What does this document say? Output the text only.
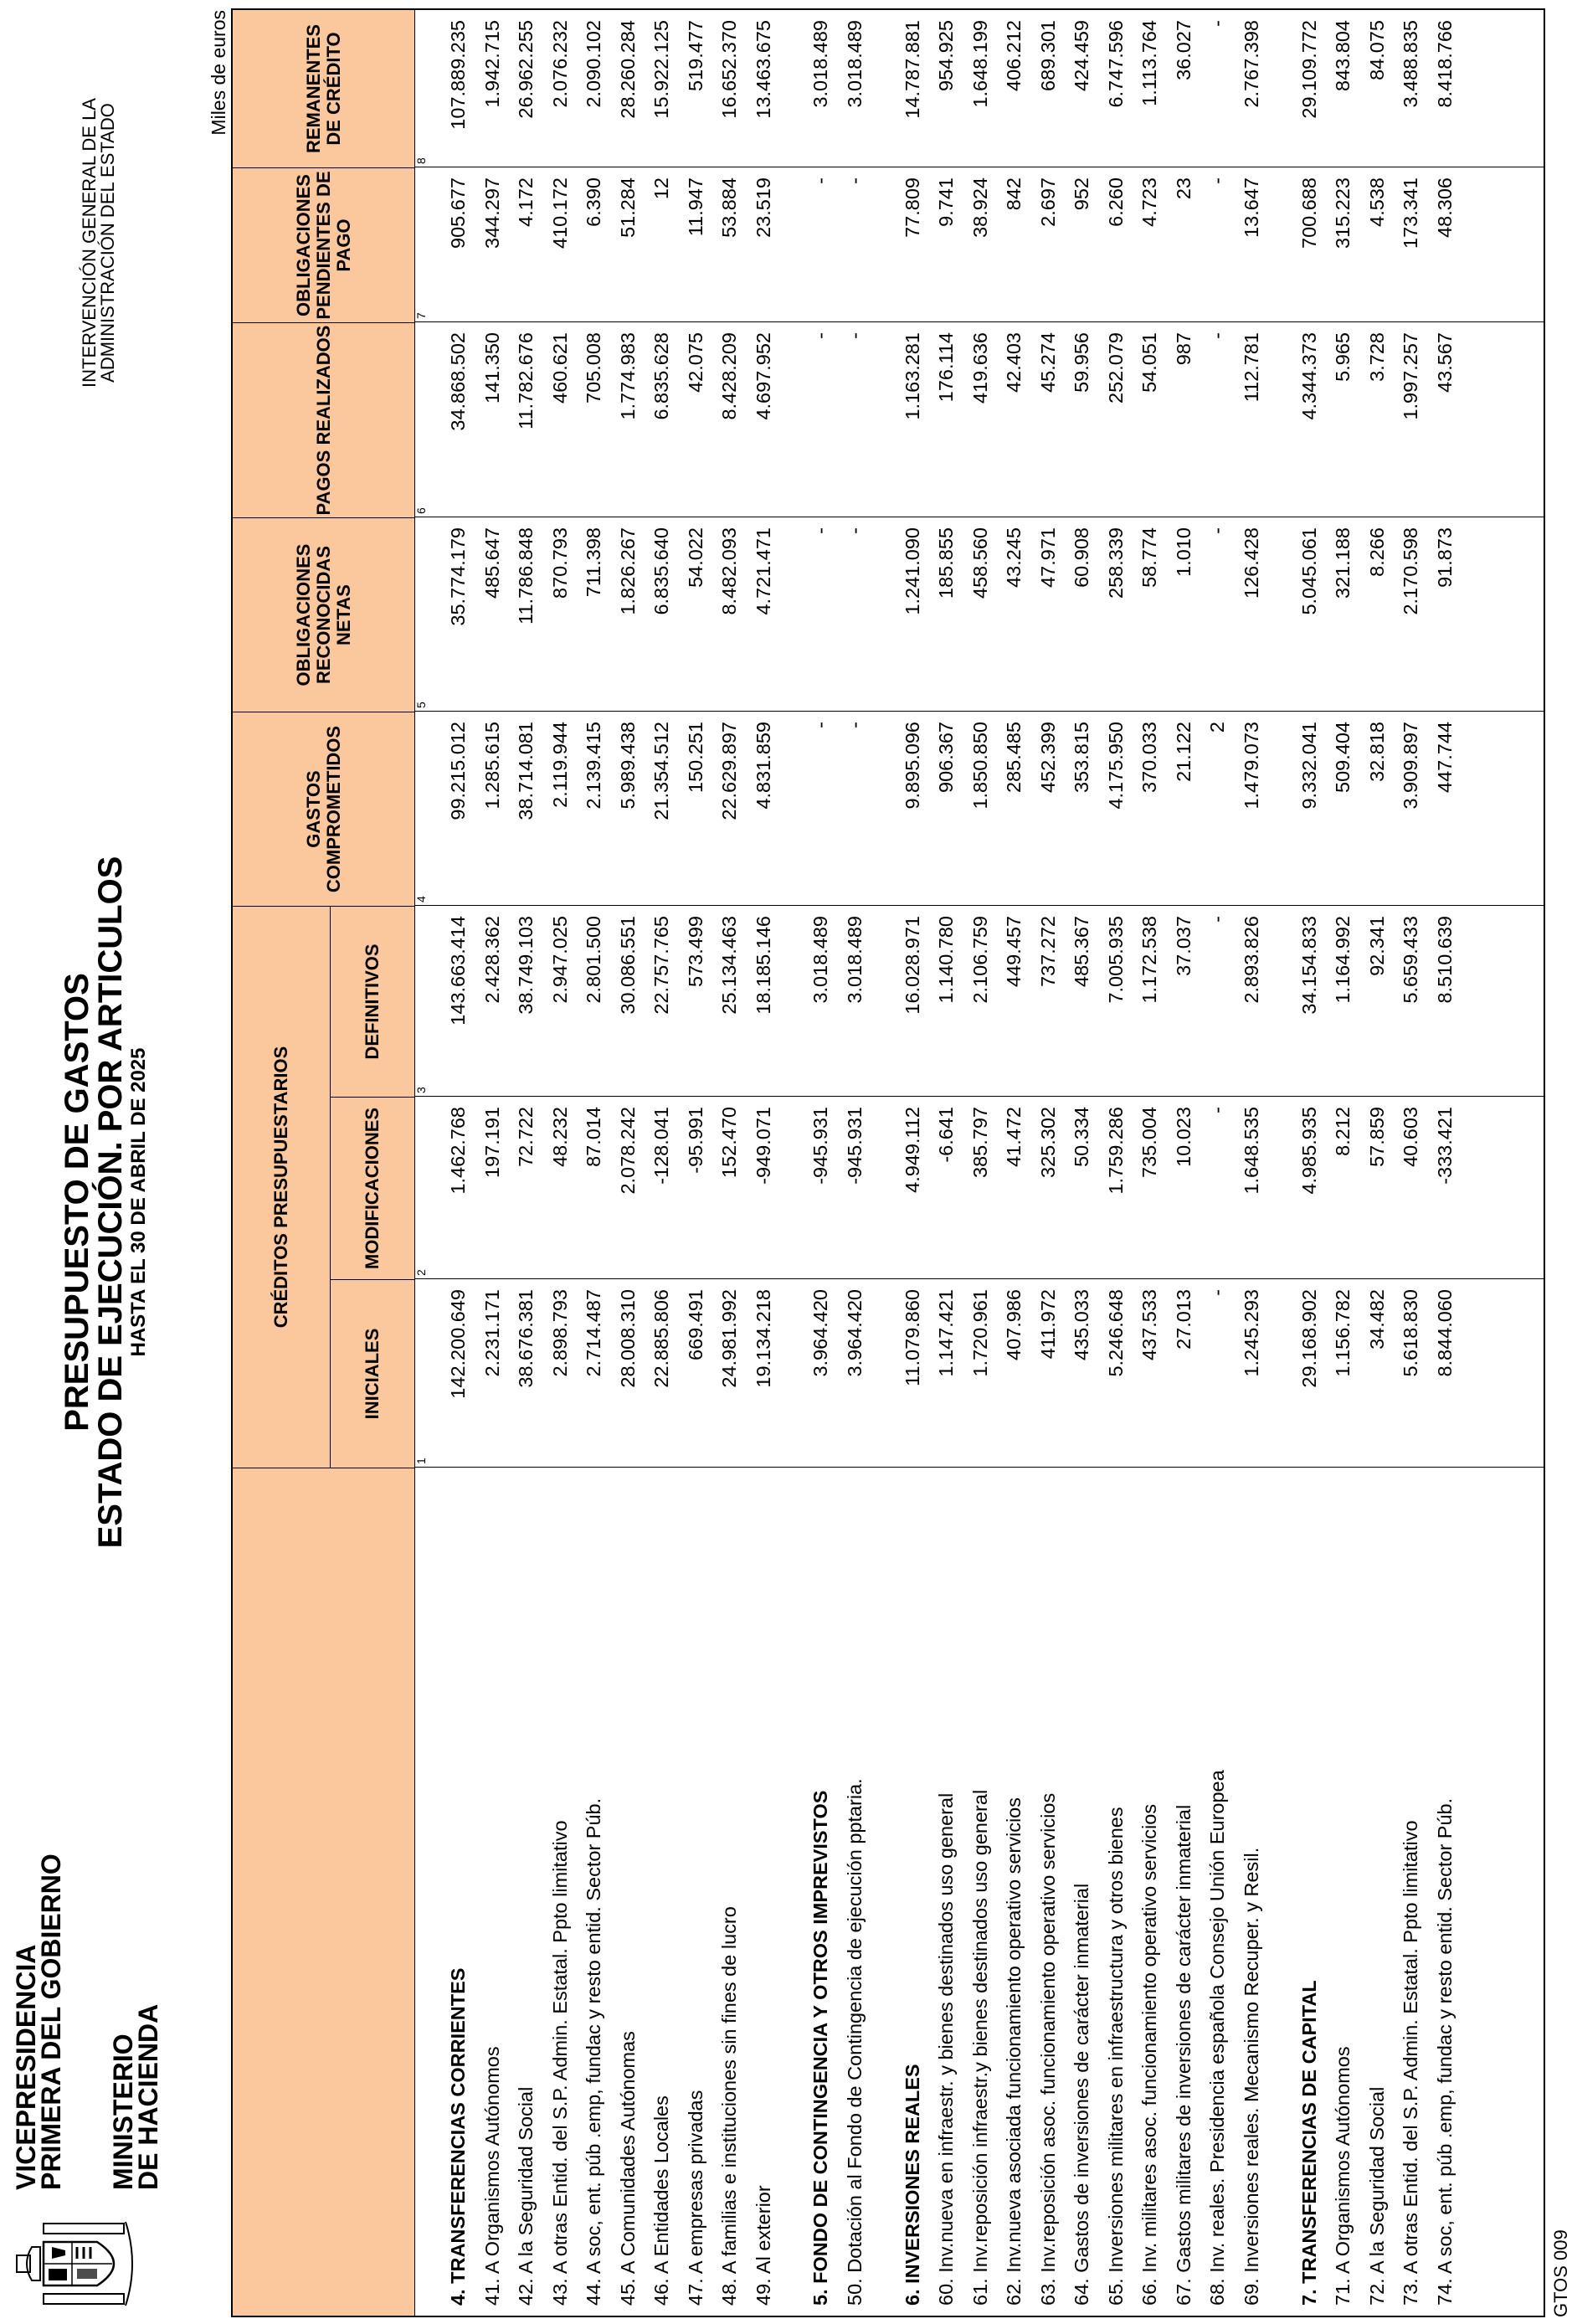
VICEPRESIDENCIA
PRIMERA DEL GOBIERNO MINISTERIO
DE HACIENDA
PRESUPUESTO DE GASTOS
ESTADO DE EJECUCIÓN. POR ARTICULOS
HASTA EL 30 DE ABRIL DE 2025
INTERVENCIÓN GENERAL DE LA
ADMINISTRACIÓN DEL ESTADO
Miles de euros
CRÉDITOS PRESUPUESTARIOS
INICIALES
MODIFICACIONES
DEFINITIVOS
GASTOS COMPROMETIDOS
OBLIGACIONES RECONOCIDAS NETAS
PAGOS REALIZADOS
OBLIGACIONES PENDIENTES DE PAGO
REMANENTES DE CRÉDITO
1
2
3
4
5
6
7
8
4. TRANSFERENCIAS CORRIENTES
142.200.649
1.462.768
143.663.414
99.215.012
35.774.179
34.868.502
905.677
107.889.235
41. A Organismos Autónomos
2.231.171
197.191
2.428.362
1.285.615
485.647
141.350
344.297
1.942.715
42. A la Seguridad Social
38.676.381
72.722
38.749.103
38.714.081
11.786.848
11.782.676
4.172
26.962.255
43. A otras Entid. del S.P. Admin. Estatal. Ppto limitativo
2.898.793
48.232
2.947.025
2.119.944
870.793
460.621
410.172
2.076.232
44. A soc, ent. púb .emp, fundac y resto entid. Sector Púb.
2.714.487
87.014
2.801.500
2.139.415
711.398
705.008
6.390
2.090.102
45. A Comunidades Autónomas
28.008.310
2.078.242
30.086.551
5.989.438
1.826.267
1.774.983
51.284
28.260.284
46. A Entidades Locales
22.885.806
-128.041
22.757.765
21.354.512
6.835.640
6.835.628
12
15.922.125
47. A empresas privadas
669.491
-95.991
573.499
150.251
54.022
42.075
11.947
519.477
48. A familias e instituciones sin fines de lucro
24.981.992
152.470
25.134.463
22.629.897
8.482.093
8.428.209
53.884
16.652.370
49. Al exterior
19.134.218
-949.071
18.185.146
4.831.859
4.721.471
4.697.952
23.519
13.463.675
5. FONDO DE CONTINGENCIA Y OTROS IMPREVISTOS
3.964.420
-945.931
3.018.489
-
-
-
-
3.018.489
50. Dotación al Fondo de Contingencia de ejecución pptaria.
3.964.420
-945.931
3.018.489
-
-
-
-
3.018.489
6. INVERSIONES REALES
11.079.860
4.949.112
16.028.971
9.895.096
1.241.090
1.163.281
77.809
14.787.881
60. Inv.nueva en infraestr. y bienes destinados uso general
1.147.421
-6.641
1.140.780
906.367
185.855
176.114
9.741
954.925
61. Inv.reposición infraestr.y bienes destinados uso general
1.720.961
385.797
2.106.759
1.850.850
458.560
419.636
38.924
1.648.199
62. Inv.nueva asociada funcionamiento operativo servicios
407.986
41.472
449.457
285.485
43.245
42.403
842
406.212
63. Inv.reposición asoc. funcionamiento operativo servicios
411.972
325.302
737.272
452.399
47.971
45.274
2.697
689.301
64. Gastos de inversiones de carácter inmaterial
435.033
50.334
485.367
353.815
60.908
59.956
952
424.459
65. Inversiones militares en infraestructura y otros bienes
5.246.648
1.759.286
7.005.935
4.175.950
258.339
252.079
6.260
6.747.596
66. Inv. militares asoc. funcionamiento operativo servicios
437.533
735.004
1.172.538
370.033
58.774
54.051
4.723
1.113.764
67. Gastos militares de inversiones de carácter inmaterial
27.013
10.023
37.037
21.122
1.010
987
23
36.027
68. Inv. reales. Presidencia española Consejo Unión Europea
-
-
-
2
-
-
-
-
69. Inversiones reales. Mecanismo Recuper. y Resil.
1.245.293
1.648.535
2.893.826
1.479.073
126.428
112.781
13.647
2.767.398
7. TRANSFERENCIAS DE CAPITAL
29.168.902
4.985.935
34.154.833
9.332.041
5.045.061
4.344.373
700.688
29.109.772
71. A Organismos Autónomos
1.156.782
8.212
1.164.992
509.404
321.188
5.965
315.223
843.804
72. A la Seguridad Social
34.482
57.859
92.341
32.818
8.266
3.728
4.538
84.075
73. A otras Entid. del S.P. Admin. Estatal. Ppto limitativo
5.618.830
40.603
5.659.433
3.909.897
2.170.598
1.997.257
173.341
3.488.835
74. A soc, ent. púb .emp, fundac y resto entid. Sector Púb.
8.844.060
-333.421
8.510.639
447.744
91.873
43.567
48.306
8.418.766
GTOS 009
